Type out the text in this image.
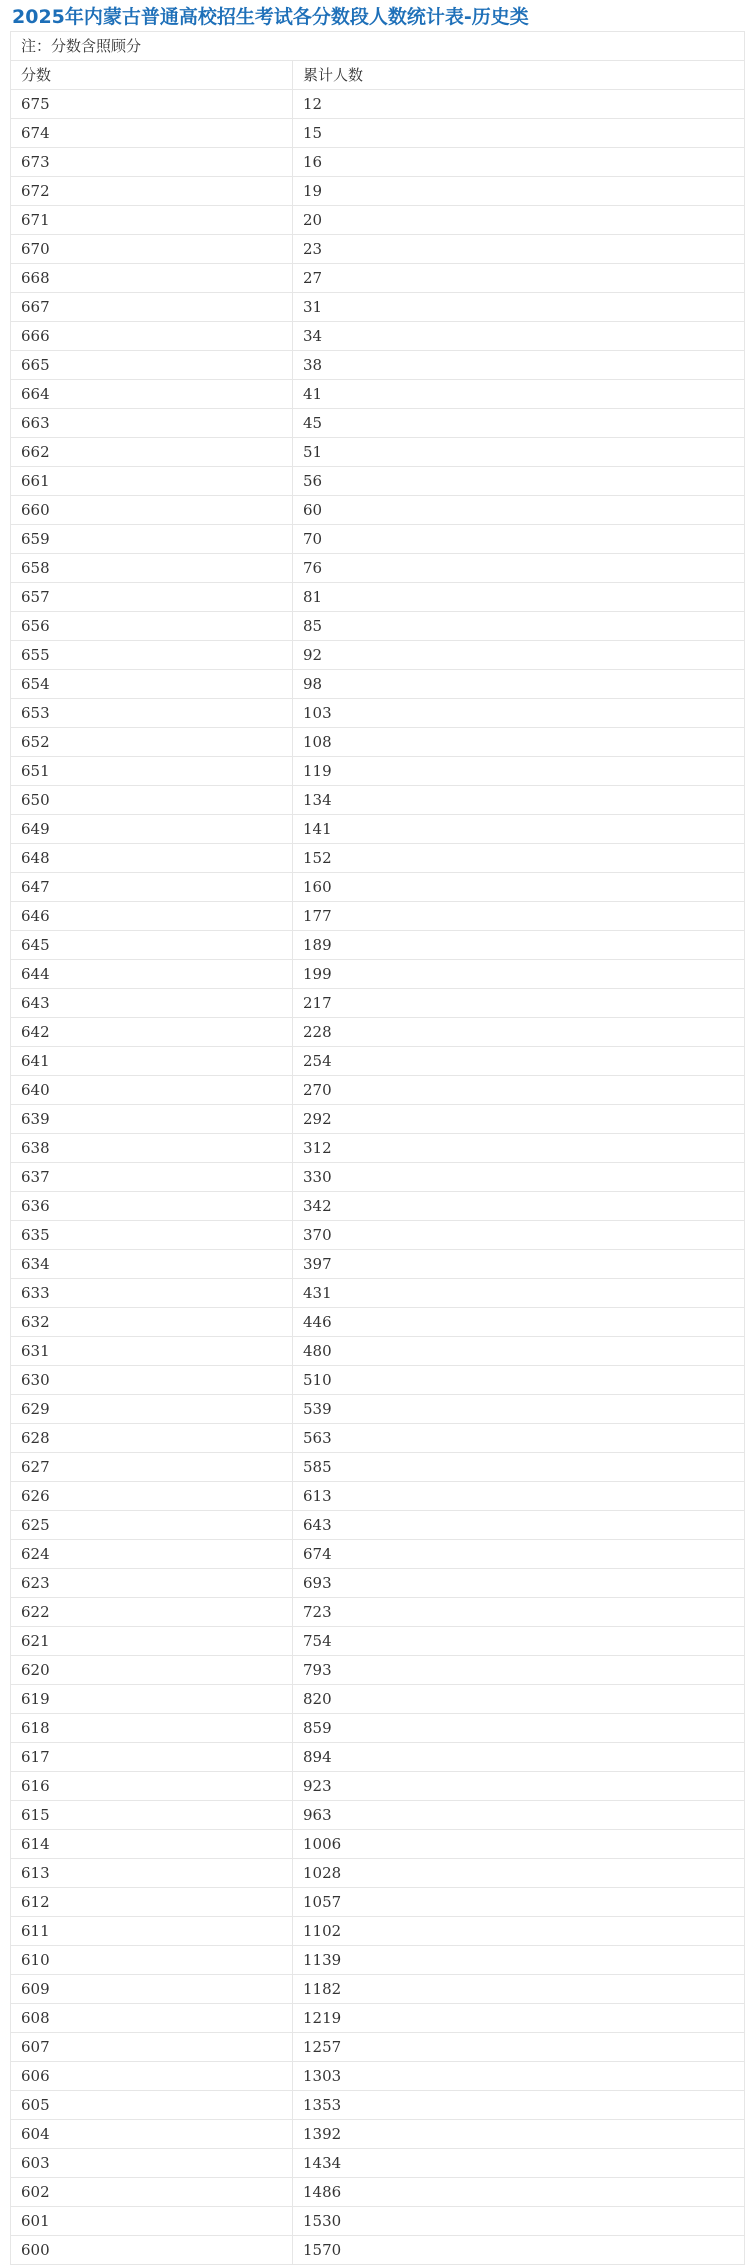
2025年内蒙古普通高校招生考试各分数段人数统计表-历史类
注：分数含照顾分	
分数	累计人数
675	12
674	15
673	16
672	19
671	20
670	23
668	27
667	31
666	34
665	38
664	41
663	45
662	51
661	56
660	60
659	70
658	76
657	81
656	85
655	92
654	98
653	103
652	108
651	119
650	134
649	141
648	152
647	160
646	177
645	189
644	199
643	217
642	228
641	254
640	270
639	292
638	312
637	330
636	342
635	370
634	397
633	431
632	446
631	480
630	510
629	539
628	563
627	585
626	613
625	643
624	674
623	693
622	723
621	754
620	793
619	820
618	859
617	894
616	923
615	963
614	1006
613	1028
612	1057
611	1102
610	1139
609	1182
608	1219
607	1257
606	1303
605	1353
604	1392
603	1434
602	1486
601	1530
600	1570
